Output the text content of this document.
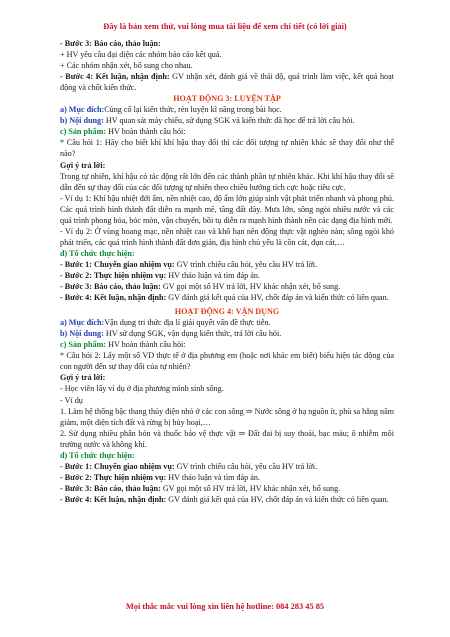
Đây là bản xem thử, vui lòng mua tài liệu để xem chi tiết (có lời giải)

- Bước 3: Báo cáo, thảo luận:

+ HV yêu cầu đại diện các nhóm báo cáo kết quả.

+ Các nhóm nhận xét, bổ sung cho nhau.

- Bước 4: Kết luận, nhận định: GV nhận xét, đánh giá về thái độ, quá trình làm việc, kết quả hoạt động và chốt kiến thức.

HOẠT ĐỘNG 3: LUYỆN TẬP

a) Mục đích:Củng cố lại kiến thức, rèn luyện kĩ năng trong bài học.

b) Nội dung: HV quan sát máy chiếu, sử dụng SGK và kiến thức đã học để trả lời câu hỏi.

c) Sản phẩm: HV hoàn thành câu hỏi:

* Câu hỏi 1: Hãy cho biết khí khí hậu thay đổi thì các đối tượng tự nhiên khác sẽ thay đổi như thế nào?

Gợi ý trả lời:

Trong tự nhiên, khí hậu có tác động rất lớn đến các thành phần tự nhiên khác. Khi khí hậu thay đổi sẽ dẫn đến sự thay đổi của các đối tượng tự nhiên theo chiều hướng tích cực hoặc tiêu cực.

- Ví dụ 1: Khí hậu nhiệt đới ẩm, nền nhiệt cao, độ ẩm lớn giúp sinh vật phát triển nhanh và phong phú. Các quá trình hình thành đất diễn ra mạnh mẽ, tầng đất dày. Mưa lớn, sông ngòi nhiều nước và các quá trình phong hóa, bóc mòn, vận chuyển, bồi tụ diễn ra mạnh hình thành nên các dạng địa hình mới.

- Ví dụ 2: Ở vùng hoang mạc, nền nhiệt cao và khô hạn nên động thực vật nghèo nàn; sông ngòi khó phát triển, các quá trình hình thành đất đơn giản, địa hình chủ yếu là cồn cát, đụn cát,…

d) Tổ chức thực hiện:

- Bước 1: Chuyển giao nhiệm vụ: GV trình chiếu câu hỏi, yêu cầu HV trả lời.

- Bước 2: Thực hiện nhiệm vụ: HV thảo luận và tìm đáp án.

- Bước 3: Báo cáo, thảo luận: GV gọi một số HV trả lời, HV khác nhận xét, bổ sung.

- Bước 4: Kết luận, nhận định: GV đánh giá kết quả của HV, chốt đáp án và kiến thức có liên quan.

HOẠT ĐỘNG 4: VẬN DỤNG

a) Mục đích:Vận dụng tri thức địa lí giải quyết vấn đề thực tiễn.

b) Nội dung: HV sử dụng SGK, vận dụng kiến thức, trả lời câu hỏi.

c) Sản phẩm: HV hoàn thành câu hỏi:

* Câu hỏi 2: Lấy một số VD thực tế ở địa phương em (hoặc nơi khác em biết) biểu hiện tác động của con người đến sự thay đổi của tự nhiên?

Gợi ý trả lời:

- Học viên lấy ví dụ ở địa phương mình sinh sống.

- Ví dụ

1. Làm hệ thống bậc thang thủy điện nhỏ ở các con sông ⇒ Nước sông ở hạ nguồn ít, phù sa hằng năm giảm, một diện tích đất và rừng bị hủy hoại,…

2. Sử dụng nhiều phân bón và thuốc bảo vệ thực vật ⇒ Đất đai bị suy thoái, bạc màu; ô nhiễm môi trường nước và không khí.

d) Tổ chức thực hiện:

- Bước 1: Chuyển giao nhiệm vụ: GV trình chiếu câu hỏi, yêu cầu HV trả lời.

- Bước 2: Thực hiện nhiệm vụ: HV thảo luận và tìm đáp án.

- Bước 3: Báo cáo, thảo luận: GV gọi một số HV trả lời, HV khác nhận xét, bổ sung.

- Bước 4: Kết luận, nhận định: GV đánh giá kết quả của HV, chốt đáp án và kiến thức có liên quan.

Mọi thắc mắc vui lòng xin liên hệ hotline: 084 283 45 85
